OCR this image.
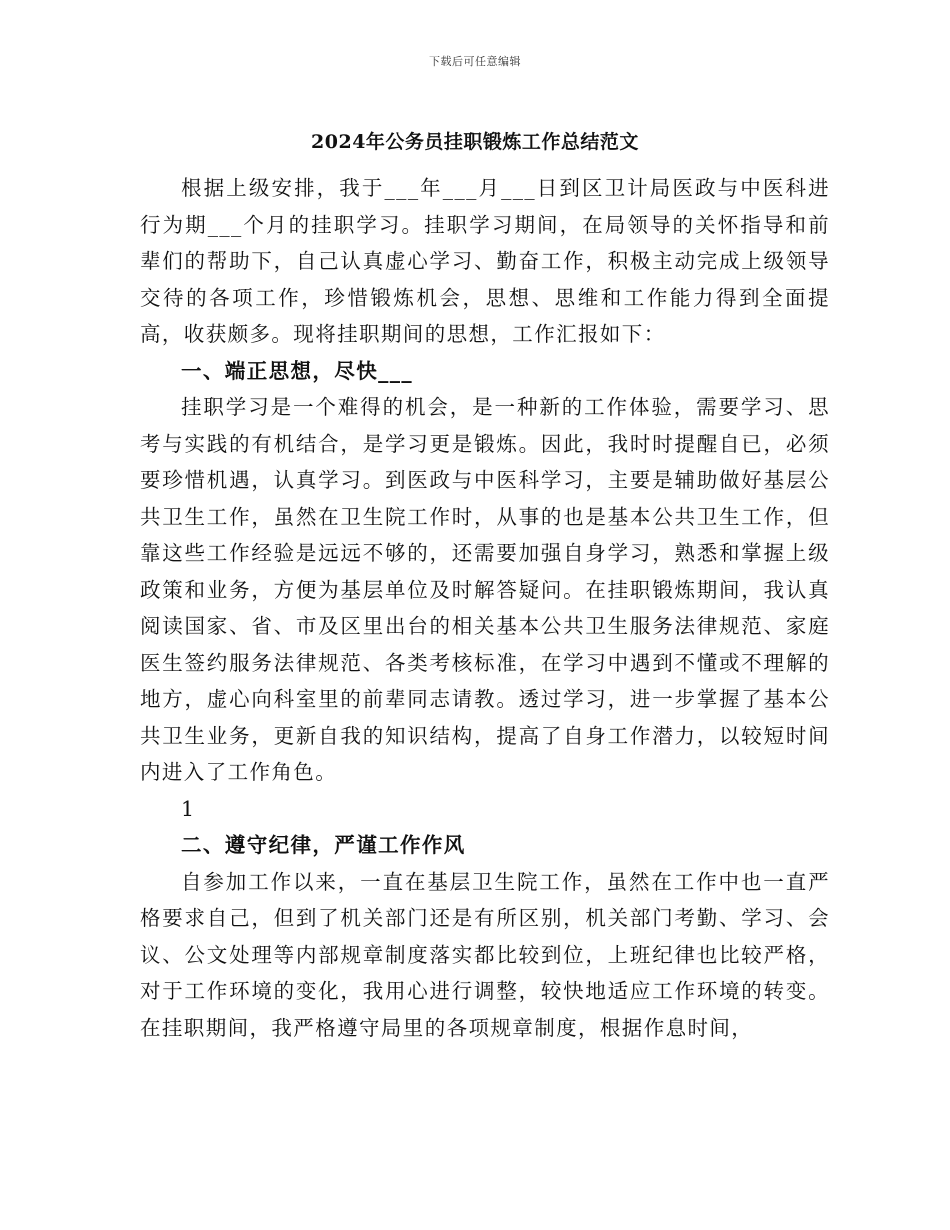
下载后可任意编辑
2024年公务员挂职锻炼工作总结范文

根据上级安排，我于___年___月___日到区卫计局医政与中医科进行为期___个月的挂职学习。挂职学习期间，在局领导的关怀指导和前辈们的帮助下，自己认真虚心学习、勤奋工作，积极主动完成上级领导交待的各项工作，珍惜锻炼机会，思想、思维和工作能力得到全面提高，收获颇多。现将挂职期间的思想，工作汇报如下：

一、端正思想，尽快___

挂职学习是一个难得的机会，是一种新的工作体验，需要学习、思考与实践的有机结合，是学习更是锻炼。因此，我时时提醒自已，必须要珍惜机遇，认真学习。到医政与中医科学习，主要是辅助做好基层公共卫生工作，虽然在卫生院工作时，从事的也是基本公共卫生工作，但靠这些工作经验是远远不够的，还需要加强自身学习，熟悉和掌握上级政策和业务，方便为基层单位及时解答疑问。在挂职锻炼期间，我认真阅读国家、省、市及区里出台的相关基本公共卫生服务法律规范、家庭医生签约服务法律规范、各类考核标准，在学习中遇到不懂或不理解的地方，虚心向科室里的前辈同志请教。透过学习，进一步掌握了基本公共卫生业务，更新自我的知识结构，提高了自身工作潜力，以较短时间内进入了工作角色。

1

二、遵守纪律，严谨工作作风

自参加工作以来，一直在基层卫生院工作，虽然在工作中也一直严格要求自己，但到了机关部门还是有所区别，机关部门考勤、学习、会议、公文处理等内部规章制度落实都比较到位，上班纪律也比较严格，对于工作环境的变化，我用心进行调整，较快地适应工作环境的转变。在挂职期间，我严格遵守局里的各项规章制度，根据作息时间，
